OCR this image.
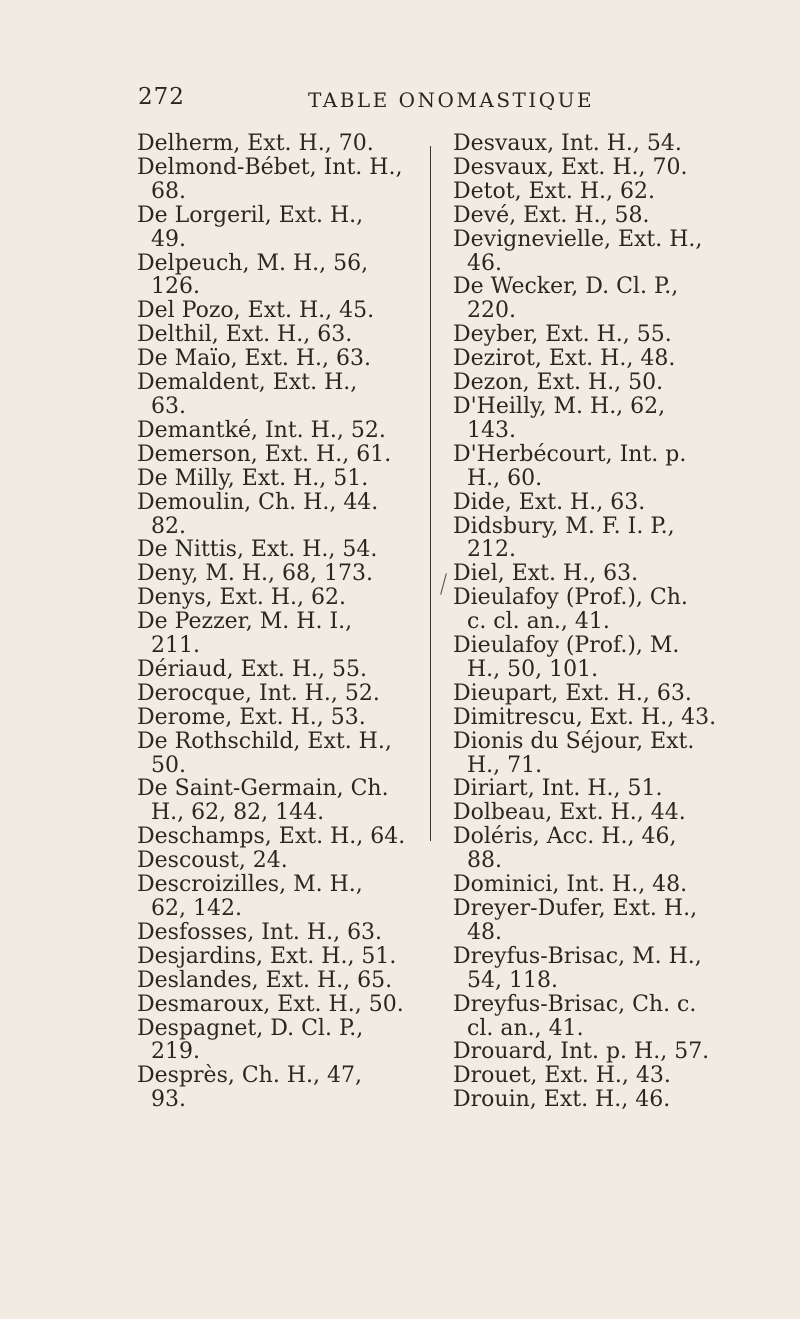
272	TABLE ONOMASTIQUE
Delherm, Ext. H., 70.
Delmond-Bébet, Int. H.,
68.
De Lorgeril, Ext. H.,
49.
Delpeuch, M. H., 56,
126.
Del Pozo, Ext. H., 45.
Delthil, Ext. H., 63.
De Maïo, Ext. H., 63.
Demaldent, Ext. H.,
63.
Demantké, Int. H., 52.
Demerson, Ext. H., 61.
De Milly, Ext. H., 51.
Demoulin, Ch. H., 44.
82.
De Nittis, Ext. H., 54.
Deny, M. H., 68, 173.
Denys, Ext. H., 62.
De Pezzer, M. H. I.,
211.
Dériaud, Ext. H., 55.
Derocque, Int. H., 52.
Derome, Ext. H., 53.
De Rothschild, Ext. H.,
50.
De Saint-Germain, Ch.
H., 62, 82, 144.
Deschamps, Ext. H., 64.
Descoust, 24.
Descroizilles, M. H.,
62, 142.
Desfosses, Int. H., 63.
Desjardins, Ext. H., 51.
Deslandes, Ext. H., 65.
Desmaroux, Ext. H., 50.
Despagnet, D. Cl. P.,
219.
Desprès, Ch. H., 47,
93.
Desvaux, Int. H., 54.
Desvaux, Ext. H., 70.
Detot, Ext. H., 62.
Devé, Ext. H., 58.
Devignevielle, Ext. H.,
46.
De Wecker, D. Cl. P.,
220.
Deyber, Ext. H., 55.
Dezirot, Ext. H., 48.
Dezon, Ext. H., 50.
D'Heilly, M. H., 62,
143.
D'Herbécourt, Int. p.
H., 60.
Dide, Ext. H., 63.
Didsbury, M. F. I. P.,
212.
Diel, Ext. H., 63.
Dieulafoy (Prof.), Ch.
c. cl. an., 41.
Dieulafoy (Prof.), M.
H., 50, 101.
Dieupart, Ext. H., 63.
Dimitrescu, Ext. H., 43.
Dionis du Séjour, Ext.
H., 71.
Diriart, Int. H., 51.
Dolbeau, Ext. H., 44.
Doléris, Acc. H., 46,
88.
Dominici, Int. H., 48.
Dreyer-Dufer, Ext. H.,
48.
Dreyfus-Brisac, M. H.,
54, 118.
Dreyfus-Brisac, Ch. c.
cl. an., 41.
Drouard, Int. p. H., 57.
Drouet, Ext. H., 43.
Drouin, Ext. H., 46.
